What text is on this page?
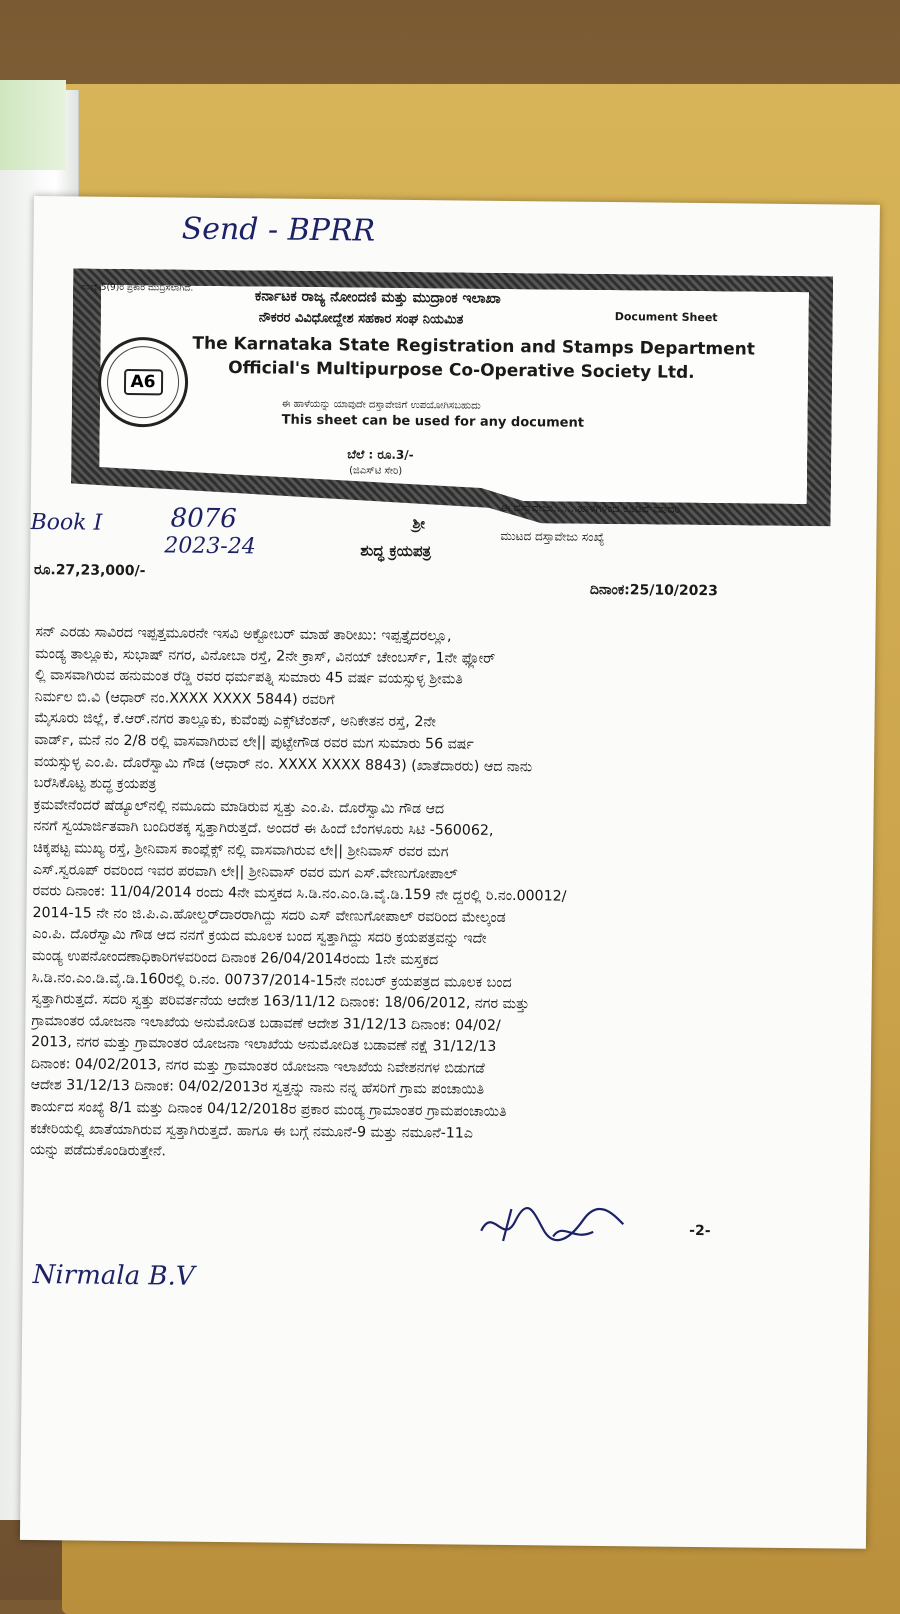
Send - BPRR
ಸಂಖ್ಯೆ 5(9)ರ ಪ್ರಕಾರ ಮುದ್ರಿಸಲಾಗಿದೆ.
Document Sheet
A6
ಕರ್ನಾಟಕ ರಾಜ್ಯ ನೋಂದಣಿ ಮತ್ತು ಮುದ್ರಾಂಕ ಇಲಾಖಾ
ನೌಕರರ ವಿವಿಧೋದ್ದೇಶ ಸಹಕಾರ ಸಂಘ ನಿಯಮಿತ
The Karnataka State Registration and Stamps Department
Official's Multipurpose Co-Operative Society Ltd.
ಈ ಹಾಳೆಯನ್ನು ಯಾವುದೇ ದಸ್ತಾವೇಜಿಗೆ ಉಪಯೋಗಿಸಬಹುದು
This sheet can be used for any document
ಬೆಲೆ : ರೂ.3/-
(ಜಿಎಸ್‌ಟಿ ಸೇರಿ)
ಈ ದಸ್ತಾವೇಜು.......ಹಾಳೆಗಳಿಂದ ಕೂಡಿದೆ ಮಾದರಿ
ಮುಟದ ದಸ್ತಾವೇಜು ಸಂಖ್ಯೆ
Book I	8076
2023-24
ಶ್ರೀ
ಶುದ್ಧ ಕ್ರಯಪತ್ರ
ರೂ.27,23,000/-
ದಿನಾಂಕ:25/10/2023

ಸನ್ ಎರಡು ಸಾವಿರದ ಇಪ್ಪತ್ತಮೂರನೇ ಇಸವಿ ಅಕ್ಟೋಬರ್ ಮಾಹೆ ತಾರೀಖು: ಇಪ್ಪತ್ತೈದರಲ್ಲೂ,

ಮಂಡ್ಯ ತಾಲ್ಲೂಕು, ಸುಭಾಷ್ ನಗರ, ವಿನೋಬಾ ರಸ್ತೆ, 2ನೇ ಕ್ರಾಸ್, ವಿನಯ್ ಚೇಂಬರ್ಸ್, 1ನೇ ಫ್ಲೋರ್

ಲ್ಲಿ ವಾಸವಾಗಿರುವ ಹನುಮಂತ ರೆಡ್ಡಿ ರವರ ಧರ್ಮಪತ್ನಿ ಸುಮಾರು 45 ವರ್ಷ ವಯಸ್ಸುಳ್ಳ ಶ್ರೀಮತಿ

ನಿರ್ಮಲ ಬಿ.ವಿ (ಆಧಾರ್ ನಂ.XXXX XXXX 5844) ರವರಿಗೆ

ಮೈಸೂರು ಜಿಲ್ಲೆ, ಕೆ.ಆರ್.ನಗರ ತಾಲ್ಲೂಕು, ಕುವೆಂಪು ಎಕ್ಸ್‌ಟೆಂಶನ್, ಅನಿಕೇತನ ರಸ್ತೆ, 2ನೇ

ವಾರ್ಡ್, ಮನೆ ನಂ 2/8 ರಲ್ಲಿ ವಾಸವಾಗಿರುವ ಲೇ|| ಪುಟ್ಟೇಗೌಡ ರವರ ಮಗ ಸುಮಾರು 56 ವರ್ಷ

ವಯಸ್ಸುಳ್ಳ ಎಂ.ಪಿ. ದೊರೆಸ್ವಾಮಿ ಗೌಡ (ಆಧಾರ್ ನಂ. XXXX XXXX 8843) (ಖಾತೆದಾರರು) ಆದ ನಾನು

ಬರೆಸಿಕೊಟ್ಟ ಶುದ್ಧ ಕ್ರಯಪತ್ರ

ಕ್ರಮವೇನೆಂದರೆ ಷೆಡ್ಯೂಲ್‌ನಲ್ಲಿ ನಮೂದು ಮಾಡಿರುವ ಸ್ವತ್ತು ಎಂ.ಪಿ. ದೊರೆಸ್ವಾಮಿ ಗೌಡ ಆದ

ನನಗೆ ಸ್ವಯಾರ್ಜಿತವಾಗಿ ಬಂದಿರತಕ್ಕ ಸ್ವತ್ತಾಗಿರುತ್ತದೆ. ಅಂದರೆ ಈ ಹಿಂದೆ ಬೆಂಗಳೂರು ಸಿಟಿ -560062,

ಚಿಕ್ಕಪಟ್ಟ ಮುಖ್ಯ ರಸ್ತೆ, ಶ್ರೀನಿವಾಸ ಕಾಂಪ್ಲೆಕ್ಸ್ ನಲ್ಲಿ ವಾಸವಾಗಿರುವ ಲೇ|| ಶ್ರೀನಿವಾಸ್ ರವರ ಮಗ

ಎಸ್.ಸ್ವರೂಪ್ ರವರಿಂದ ಇವರ ಪರವಾಗಿ ಲೇ|| ಶ್ರೀನಿವಾಸ್ ರವರ ಮಗ ಎಸ್.ವೇಣುಗೋಪಾಲ್

ರವರು ದಿನಾಂಕ: 11/04/2014 ರಂದು 4ನೇ ಮಸ್ತಕದ ಸಿ.ಡಿ.ನಂ.ಎಂ.ಡಿ.ವೈ.ಡಿ.159 ನೇ ದ್ದರಲ್ಲಿ ರಿ.ನಂ.00012/

2014-15 ನೇ ನಂ ಜಿ.ಪಿ.ಎ.ಹೋಲ್ಡರ್‌ದಾರರಾಗಿದ್ದು ಸದರಿ ಎಸ್ ವೇಣುಗೋಪಾಲ್ ರವರಿಂದ ಮೇಲ್ಕಂಡ

ಎಂ.ಪಿ. ದೊರೆಸ್ವಾಮಿ ಗೌಡ ಆದ ನನಗೆ ಕ್ರಯದ ಮೂಲಕ ಬಂದ ಸ್ವತ್ತಾಗಿದ್ದು ಸದರಿ ಕ್ರಯಪತ್ರವನ್ನು ಇದೇ

ಮಂಡ್ಯ ಉಪನೋಂದಣಾಧಿಕಾರಿಗಳವರಿಂದ ದಿನಾಂಕ 26/04/2014ರಂದು 1ನೇ ಮಸ್ತಕದ

ಸಿ.ಡಿ.ನಂ.ಎಂ.ಡಿ.ವೈ.ಡಿ.160ರಲ್ಲಿ ರಿ.ನಂ. 00737/2014-15ನೇ ನಂಬರ್ ಕ್ರಯಪತ್ರದ ಮೂಲಕ ಬಂದ

ಸ್ವತ್ತಾಗಿರುತ್ತದೆ. ಸದರಿ ಸ್ವತ್ತು ಪರಿವರ್ತನೆಯ ಆದೇಶ 163/11/12 ದಿನಾಂಕ: 18/06/2012, ನಗರ ಮತ್ತು

ಗ್ರಾಮಾಂತರ ಯೋಜನಾ ಇಲಾಖೆಯ ಅನುಮೋದಿತ ಬಡಾವಣೆ ಆದೇಶ 31/12/13 ದಿನಾಂಕ: 04/02/

2013, ನಗರ ಮತ್ತು ಗ್ರಾಮಾಂತರ ಯೋಜನಾ ಇಲಾಖೆಯ ಅನುಮೋದಿತ ಬಡಾವಣೆ ನಕ್ಷೆ 31/12/13

ದಿನಾಂಕ: 04/02/2013, ನಗರ ಮತ್ತು ಗ್ರಾಮಾಂತರ ಯೋಜನಾ ಇಲಾಖೆಯ ನಿವೇಶನಗಳ ಬಿಡುಗಡೆ

ಆದೇಶ 31/12/13 ದಿನಾಂಕ: 04/02/2013ರ ಸ್ವತ್ತನ್ನು ನಾನು ನನ್ನ ಹೆಸರಿಗೆ ಗ್ರಾಮ ಪಂಚಾಯಿತಿ

ಕಾರ್ಯದ ಸಂಖ್ಯೆ 8/1 ಮತ್ತು ದಿನಾಂಕ 04/12/2018ರ ಪ್ರಕಾರ ಮಂಡ್ಯ ಗ್ರಾಮಾಂತರ ಗ್ರಾಮಪಂಚಾಯಿತಿ

ಕಚೇರಿಯಲ್ಲಿ ಖಾತೆಯಾಗಿರುವ ಸ್ವತ್ತಾಗಿರುತ್ತದೆ. ಹಾಗೂ ಈ ಬಗ್ಗೆ ನಮೂನೆ-9 ಮತ್ತು ನಮೂನೆ-11ಎ

ಯನ್ನು ಪಡೆದುಕೊಂಡಿರುತ್ತೇನೆ.

-2-
Nirmala B.V
